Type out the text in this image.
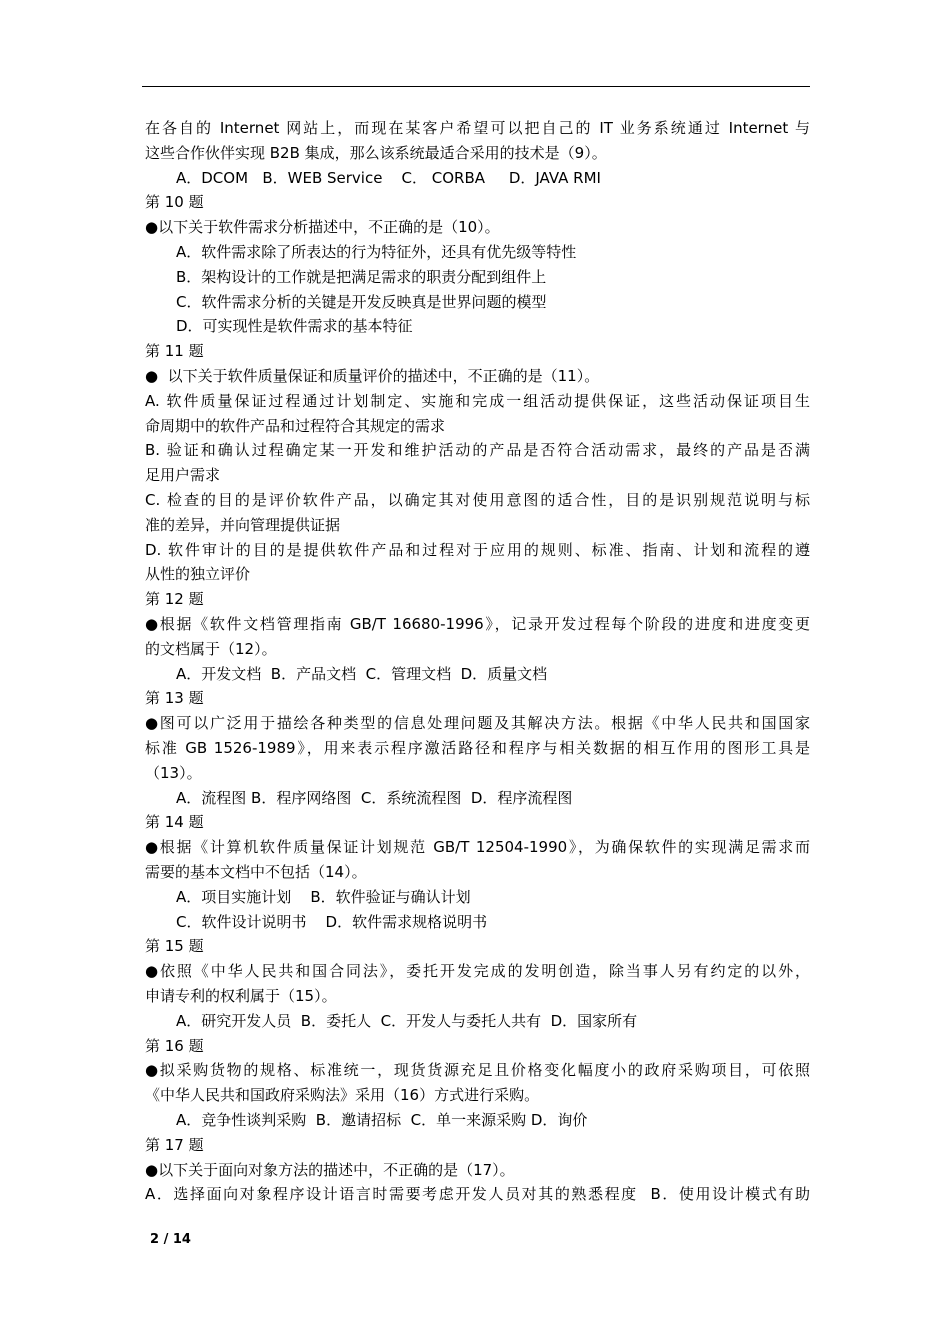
在各自的 Internet 网站上，而现在某客户希望可以把自己的 IT 业务系统通过 Internet 与
这些合作伙伴实现 B2B 集成，那么该系统最适合采用的技术是（9）。
A．DCOM   B．WEB Service    C． CORBA     D．JAVA RMI
第 10 题
●以下关于软件需求分析描述中，不正确的是（10）。
A．软件需求除了所表达的行为特征外，还具有优先级等特性
B．架构设计的工作就是把满足需求的职责分配到组件上
C．软件需求分析的关键是开发反映真是世界问题的模型
D．可实现性是软件需求的基本特征
第 11 题
●  以下关于软件质量保证和质量评价的描述中，不正确的是（11）。
A. 软件质量保证过程通过计划制定、实施和完成一组活动提供保证，这些活动保证项目生
命周期中的软件产品和过程符合其规定的需求
B. 验证和确认过程确定某一开发和维护活动的产品是否符合活动需求，最终的产品是否满
足用户需求
C. 检查的目的是评价软件产品，以确定其对使用意图的适合性，目的是识别规范说明与标
准的差异，并向管理提供证据
D. 软件审计的目的是提供软件产品和过程对于应用的规则、标准、指南、计划和流程的遵
从性的独立评价
第 12 题
●根据《软件文档管理指南 GB/T 16680-1996》，记录开发过程每个阶段的进度和进度变更
的文档属于（12）。
A．开发文档  B．产品文档  C．管理文档  D．质量文档
第 13 题
●图可以广泛用于描绘各种类型的信息处理问题及其解决方法。根据《中华人民共和国国家
标准 GB 1526-1989》，用来表示程序激活路径和程序与相关数据的相互作用的图形工具是
（13）。
A．流程图 B．程序网络图  C．系统流程图  D．程序流程图
第 14 题
●根据《计算机软件质量保证计划规范 GB/T 12504-1990》，为确保软件的实现满足需求而
需要的基本文档中不包括（14）。
A．项目实施计划    B．软件验证与确认计划
C．软件设计说明书    D．软件需求规格说明书
第 15 题
●依照《中华人民共和国合同法》，委托开发完成的发明创造，除当事人另有约定的以外，
申请专利的权利属于（15）。
A．研究开发人员  B．委托人  C．开发人与委托人共有  D．国家所有
第 16 题
●拟采购货物的规格、标准统一，现货货源充足且价格变化幅度小的政府采购项目，可依照
《中华人民共和国政府采购法》采用（16）方式进行采购。
A．竞争性谈判采购  B．邀请招标  C．单一来源采购 D．询价
第 17 题
●以下关于面向对象方法的描述中，不正确的是（17）。
A．选择面向对象程序设计语言时需要考虑开发人员对其的熟悉程度  B．使用设计模式有助
2 / 14
